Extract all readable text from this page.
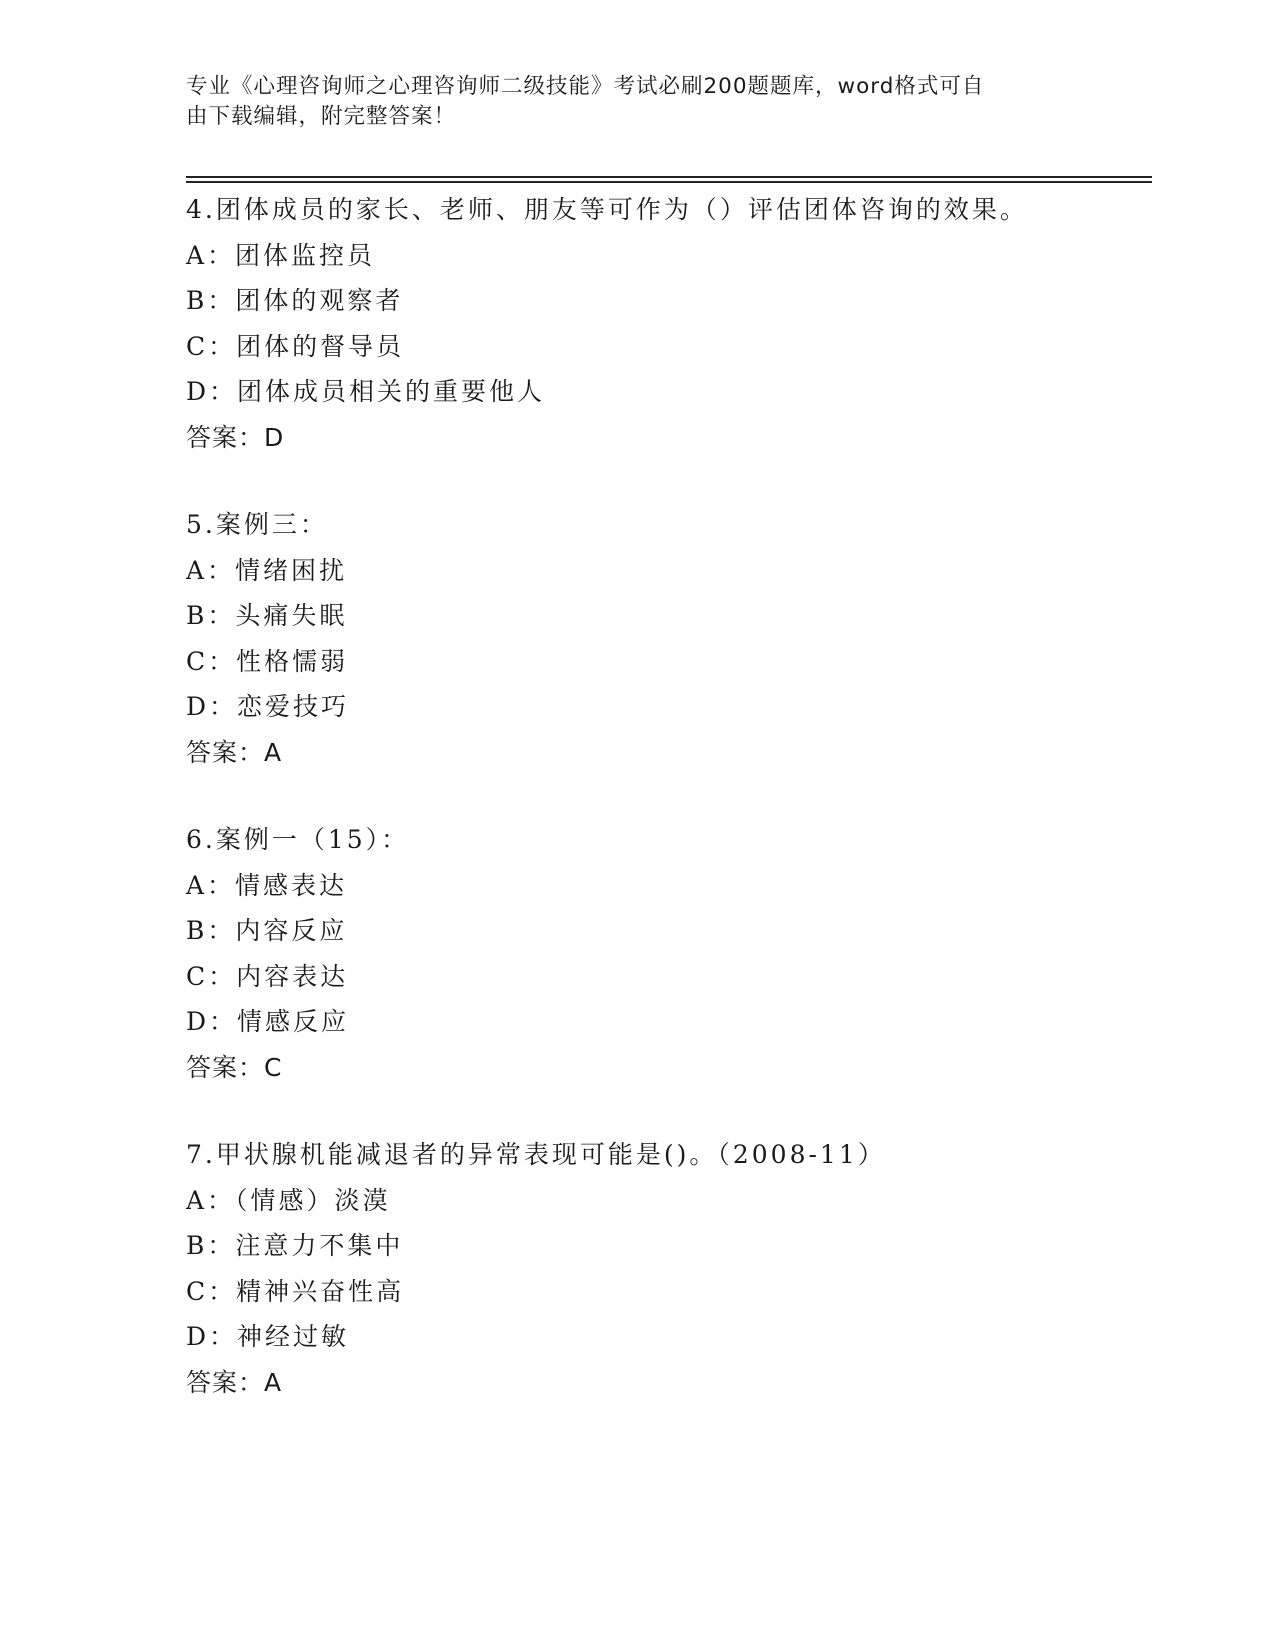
专业《心理咨询师之心理咨询师二级技能》考试必刷200题题库，word格式可自
由下载编辑，附完整答案！
4.团体成员的家长、老师、朋友等可作为（）评估团体咨询的效果。
A：团体监控员
B：团体的观察者
C：团体的督导员
D：团体成员相关的重要他人
答案：D
5.案例三：
A：情绪困扰
B：头痛失眠
C：性格懦弱
D：恋爱技巧
答案：A
6.案例一（15）：
A：情感表达
B：内容反应
C：内容表达
D：情感反应
答案：C
7.甲状腺机能减退者的异常表现可能是()。（2008-11）
A：（情感）淡漠
B：注意力不集中
C：精神兴奋性高
D：神经过敏
答案：A
